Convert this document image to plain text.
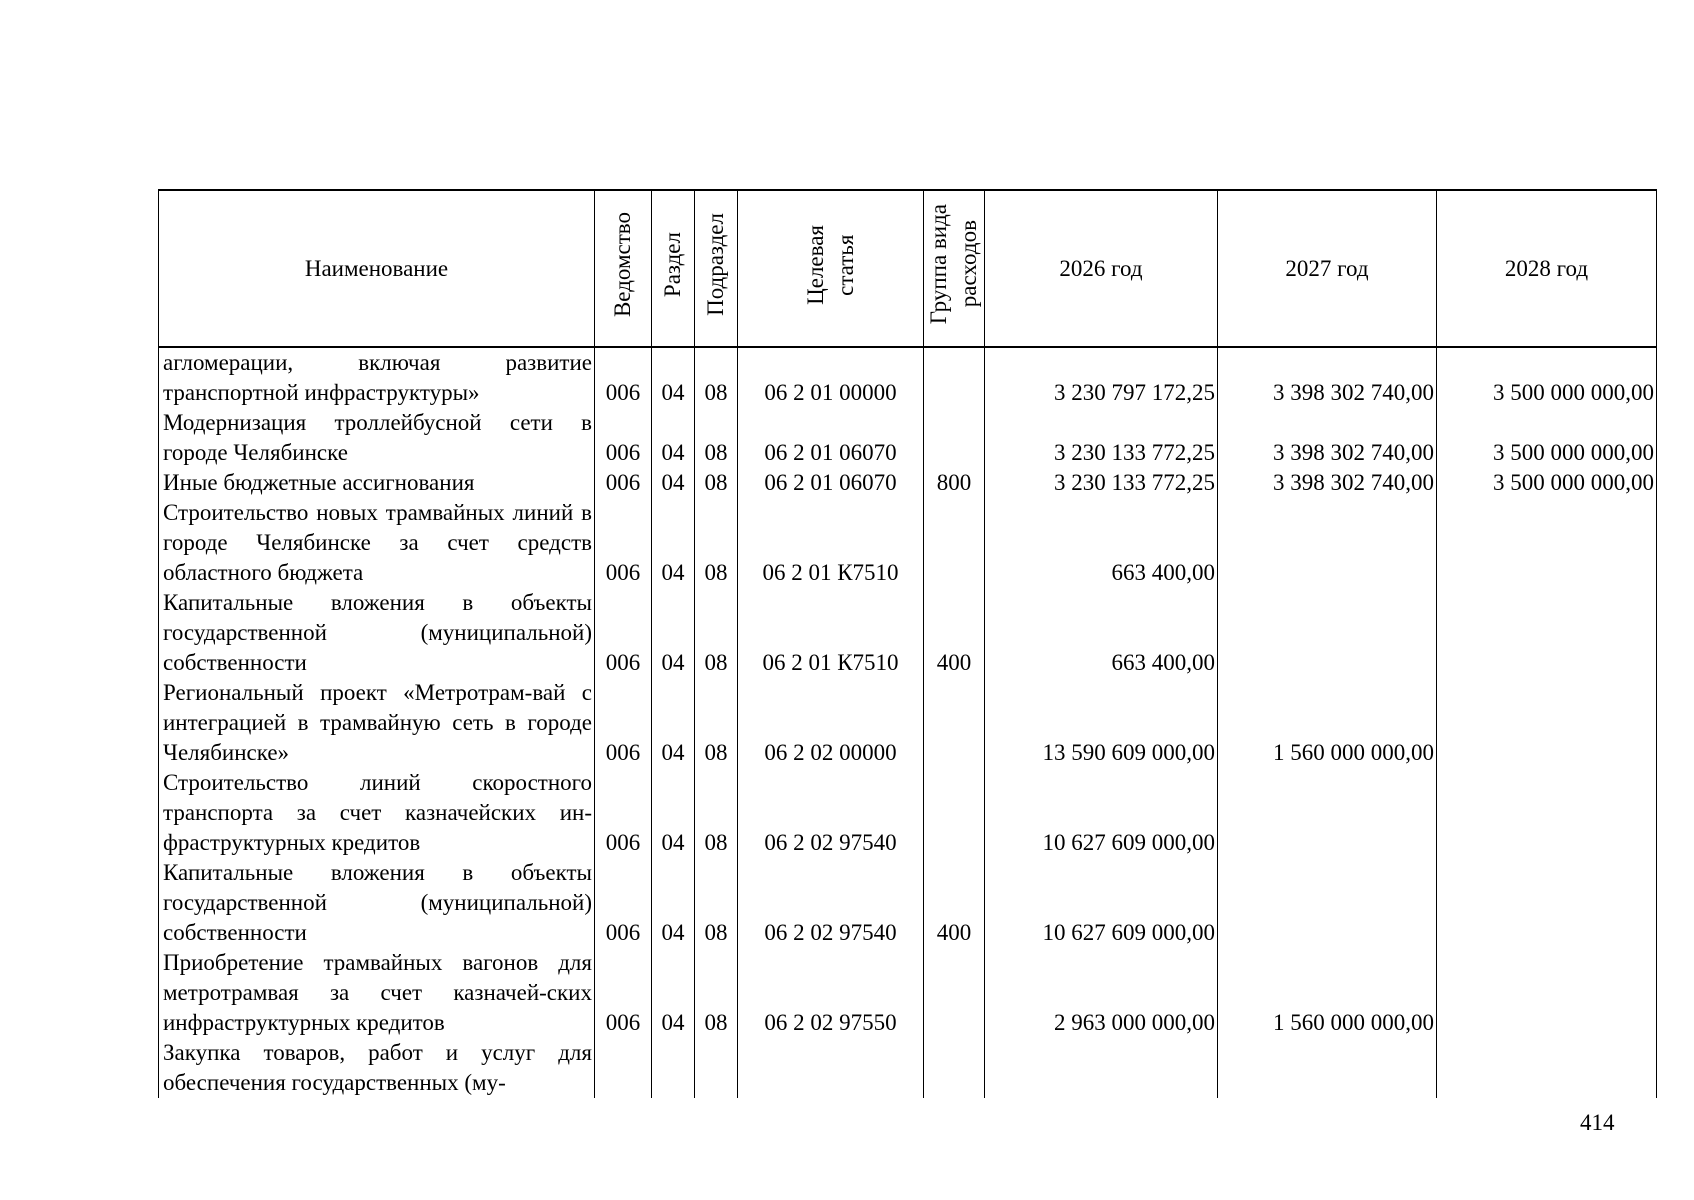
Наименование	Ведомство	Раздел	Подраздел	Целевая статья	Группа вида расходов	2026 год	2027 год	2028 год
агломерации, включая развитие транспортной инфраструктуры»	006	04	08	06 2 01 00000		3 230 797 172,25	3 398 302 740,00	3 500 000 000,00
Модернизация троллейбусной сети в городе Челябинске	006	04	08	06 2 01 06070		3 230 133 772,25	3 398 302 740,00	3 500 000 000,00
Иные бюджетные ассигнования	006	04	08	06 2 01 06070	800	3 230 133 772,25	3 398 302 740,00	3 500 000 000,00
Строительство новых трамвайных линий в городе Челябинске за счет средств областного бюджета	006	04	08	06 2 01 К7510		663 400,00		
Капитальные вложения в объекты государственной (муниципальной) собственности	006	04	08	06 2 01 К7510	400	663 400,00		
Региональный проект «Метротрам-вай с интеграцией в трамвайную сеть в городе Челябинске»	006	04	08	06 2 02 00000		13 590 609 000,00	1 560 000 000,00	
Строительство линий скоростного транспорта за счет казначейских ин-фраструктурных кредитов	006	04	08	06 2 02 97540		10 627 609 000,00		
Капитальные вложения в объекты государственной (муниципальной) собственности	006	04	08	06 2 02 97540	400	10 627 609 000,00		
Приобретение трамвайных вагонов для метротрамвая за счет казначей-ских инфраструктурных кредитов	006	04	08	06 2 02 97550		2 963 000 000,00	1 560 000 000,00	
Закупка товаров, работ и услуг для обеспечения государственных (му-								
414
